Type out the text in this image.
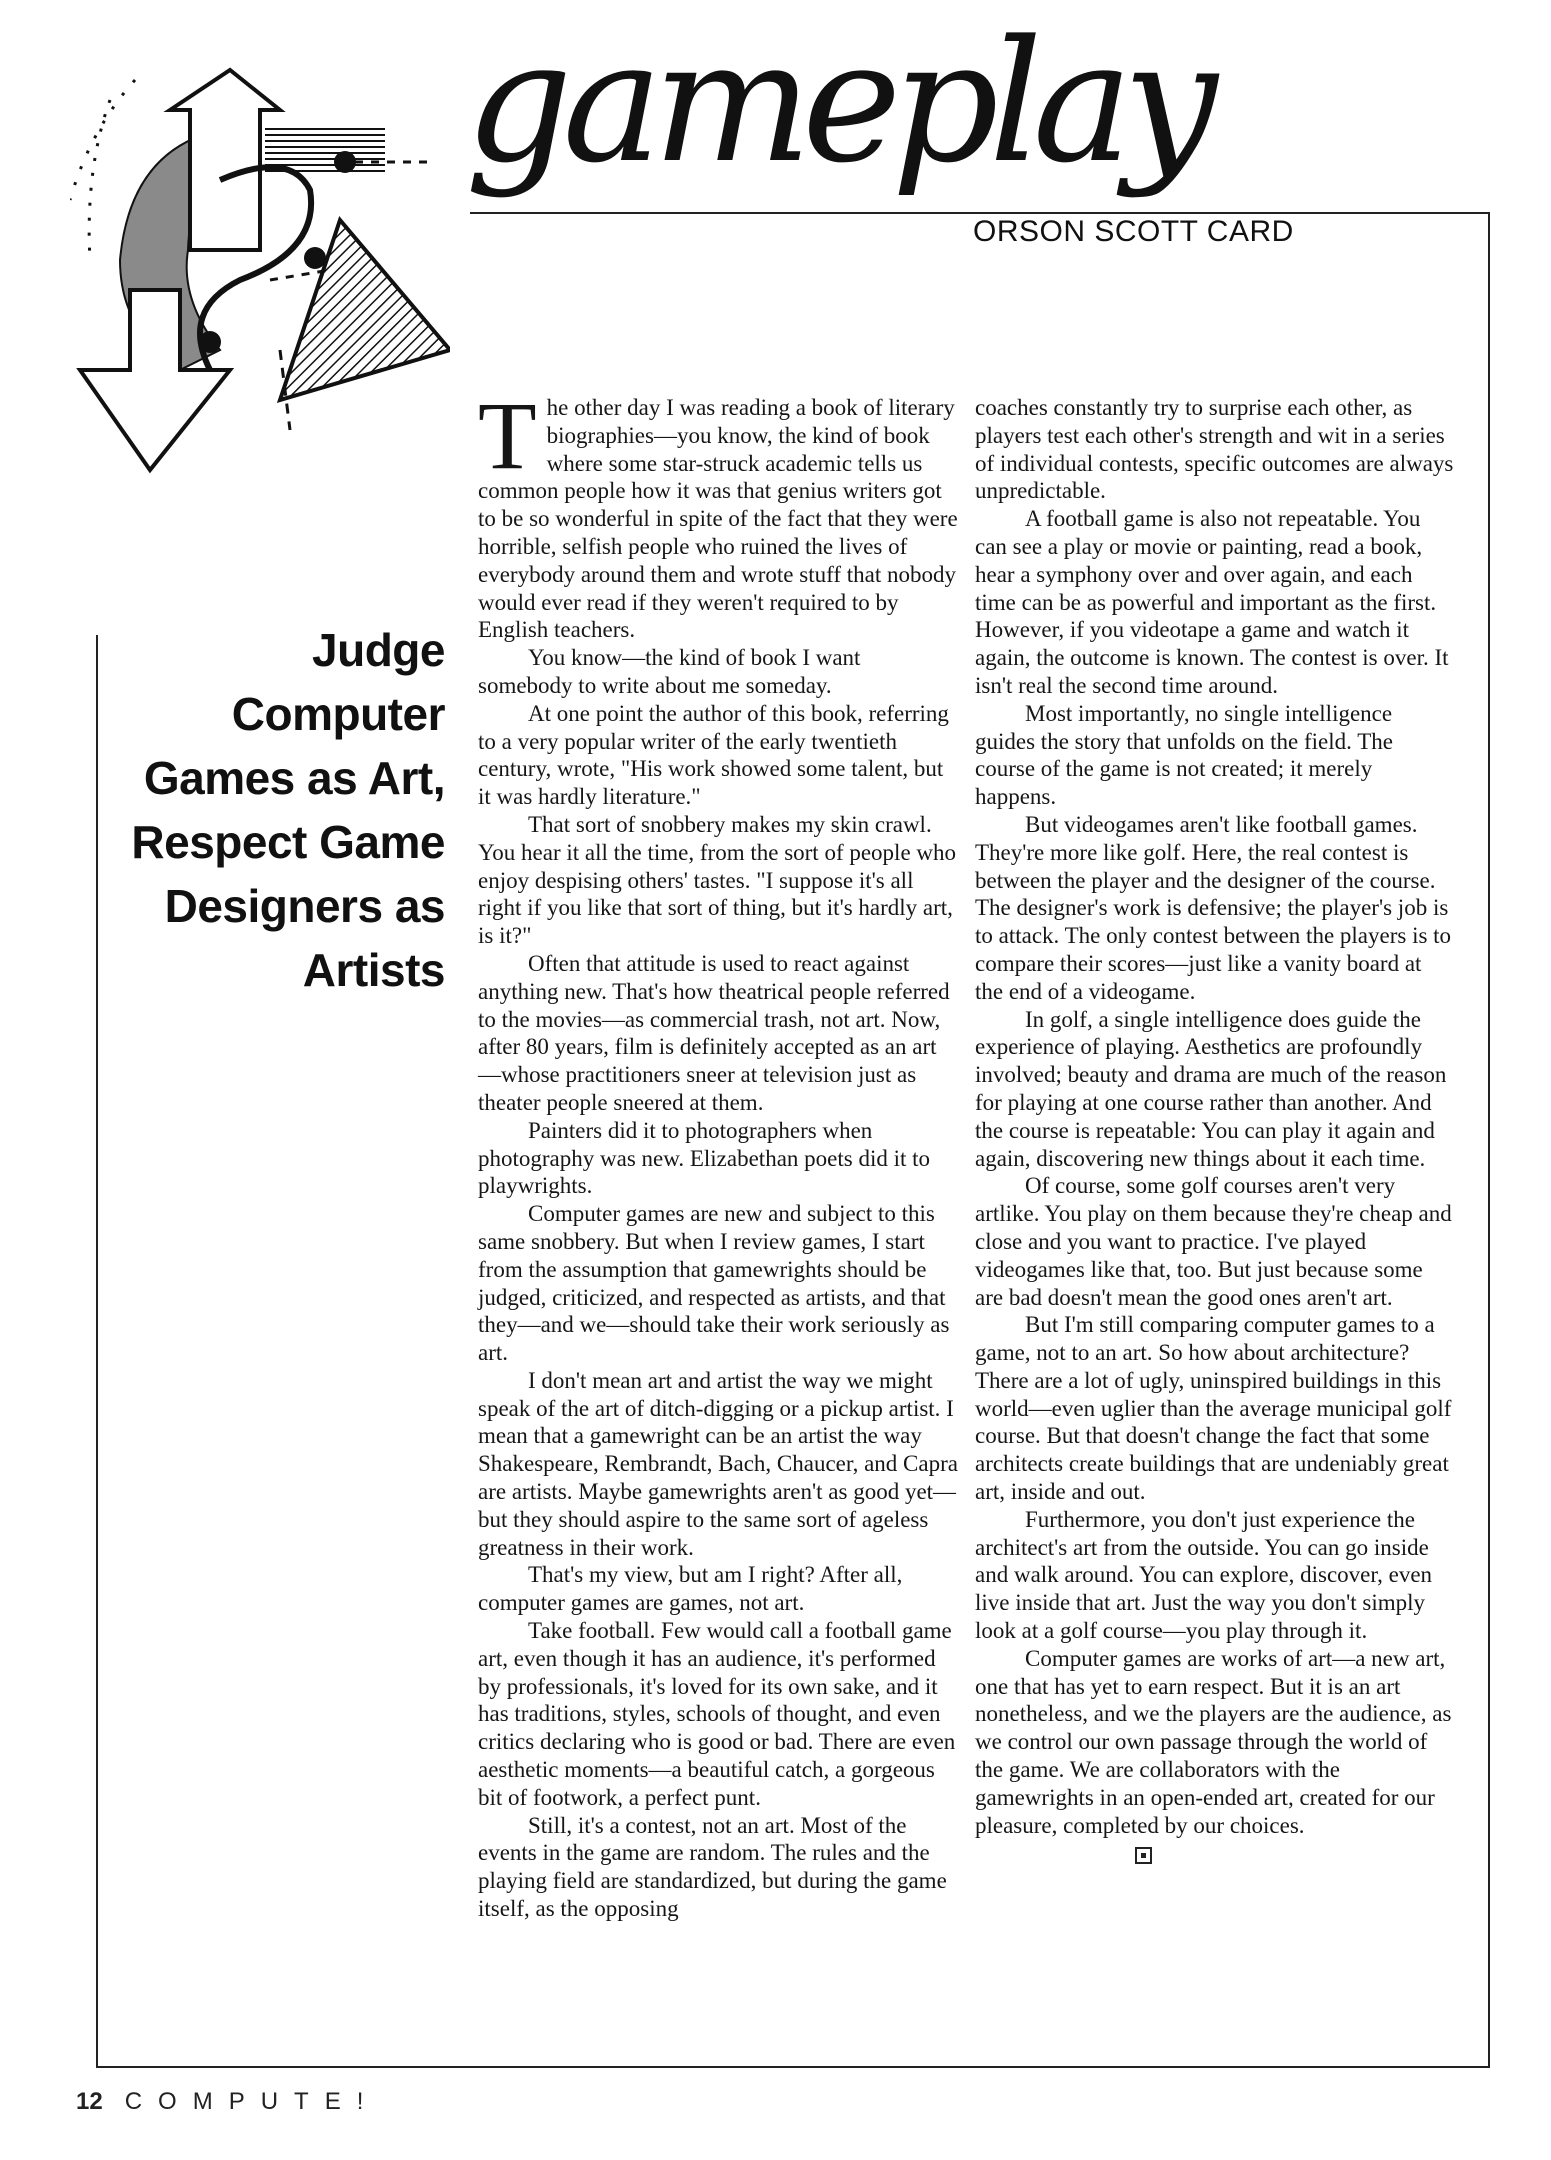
gameplay
ORSON SCOTT CARD
Judge
Computer
Games as Art,
Respect Game
Designers as
Artists

The other day I was reading a book of literary biographies—you know, the kind of book where some star-struck academic tells us common people how it was that genius writers got to be so wonderful in spite of the fact that they were horrible, selfish people who ruined the lives of everybody around them and wrote stuff that nobody would ever read if they weren't required to by English teachers.

You know—the kind of book I want somebody to write about me someday.

At one point the author of this book, referring to a very popular writer of the early twentieth century, wrote, "His work showed some talent, but it was hardly literature."

That sort of snobbery makes my skin crawl. You hear it all the time, from the sort of people who enjoy despising others' tastes. "I suppose it's all right if you like that sort of thing, but it's hardly art, is it?"

Often that attitude is used to react against anything new. That's how theatrical people referred to the movies—as commercial trash, not art. Now, after 80 years, film is definitely accepted as an art—whose practitioners sneer at television just as theater people sneered at them.

Painters did it to photographers when photography was new. Elizabethan poets did it to playwrights.

Computer games are new and subject to this same snobbery. But when I review games, I start from the assumption that gamewrights should be judged, criticized, and respected as artists, and that they—and we—should take their work seriously as art.

I don't mean art and artist the way we might speak of the art of ditch-digging or a pickup artist. I mean that a gamewright can be an artist the way Shakespeare, Rembrandt, Bach, Chaucer, and Capra are artists. Maybe gamewrights aren't as good yet—but they should aspire to the same sort of ageless greatness in their work.

That's my view, but am I right? After all, computer games are games, not art.

Take football. Few would call a football game art, even though it has an audience, it's performed by professionals, it's loved for its own sake, and it has traditions, styles, schools of thought, and even critics declaring who is good or bad. There are even aesthetic moments—a beautiful catch, a gorgeous bit of footwork, a perfect punt.

Still, it's a contest, not an art. Most of the events in the game are random. The rules and the playing field are standardized, but during the game itself, as the opposing

coaches constantly try to surprise each other, as players test each other's strength and wit in a series of individual contests, specific outcomes are always unpredictable.

A football game is also not repeatable. You can see a play or movie or painting, read a book, hear a symphony over and over again, and each time can be as powerful and important as the first. However, if you videotape a game and watch it again, the outcome is known. The contest is over. It isn't real the second time around.

Most importantly, no single intelligence guides the story that unfolds on the field. The course of the game is not created; it merely happens.

But videogames aren't like football games. They're more like golf. Here, the real contest is between the player and the designer of the course. The designer's work is defensive; the player's job is to attack. The only contest between the players is to compare their scores—just like a vanity board at the end of a videogame.

In golf, a single intelligence does guide the experience of playing. Aesthetics are profoundly involved; beauty and drama are much of the reason for playing at one course rather than another. And the course is repeatable: You can play it again and again, discovering new things about it each time.

Of course, some golf courses aren't very artlike. You play on them because they're cheap and close and you want to practice. I've played videogames like that, too. But just because some are bad doesn't mean the good ones aren't art.

But I'm still comparing computer games to a game, not to an art. So how about architecture? There are a lot of ugly, uninspired buildings in this world—even uglier than the average municipal golf course. But that doesn't change the fact that some architects create buildings that are undeniably great art, inside and out.

Furthermore, you don't just experience the architect's art from the outside. You can go inside and walk around. You can explore, discover, even live inside that art. Just the way you don't simply look at a golf course—you play through it.

Computer games are works of art—a new art, one that has yet to earn respect. But it is an art nonetheless, and we the players are the audience, as we control our own passage through the world of the game. We are collaborators with the gamewrights in an open-ended art, created for our pleasure, completed by our choices.

12 COMPUTE!
